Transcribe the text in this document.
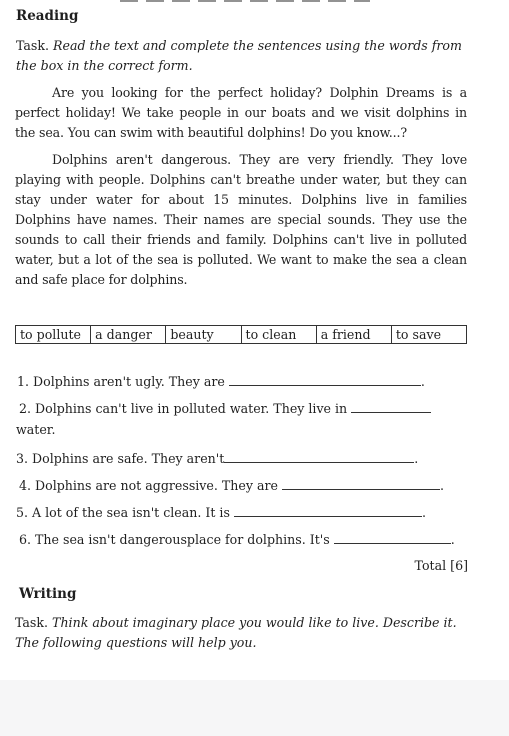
Reading

Task. Read the text and complete the sentences using the words from the box in the correct form.

Are you looking for the perfect holiday? Dolphin Dreams is a perfect holiday! We take people in our boats and we visit dolphins in the sea. You can swim with beautiful dolphins! Do you know...?

Dolphins aren't dangerous. They are very friendly. They love playing with people. Dolphins can't breathe under water, but they can stay under water for about 15 minutes. Dolphins live in families Dolphins have names. Their names are special sounds. They use the sounds to call their friends and family. Dolphins can't live in polluted water, but a lot of the sea is polluted. We want to make the sea a clean and safe place for dolphins.

to pollute	a danger	beauty	to clean	a friend	to save

1. Dolphins aren't ugly. They are	.

2. Dolphins can't live in polluted water. They live in

water.

3. Dolphins are safe. They aren't	.

4. Dolphins are not aggressive. They are	.

5. A lot of the sea isn't clean. It is	.

6. The sea isn't dangerousplace for dolphins. It's	.

Total [6]

Writing

Task. Think about imaginary place you would like to live. Describe it. The following questions will help you.
